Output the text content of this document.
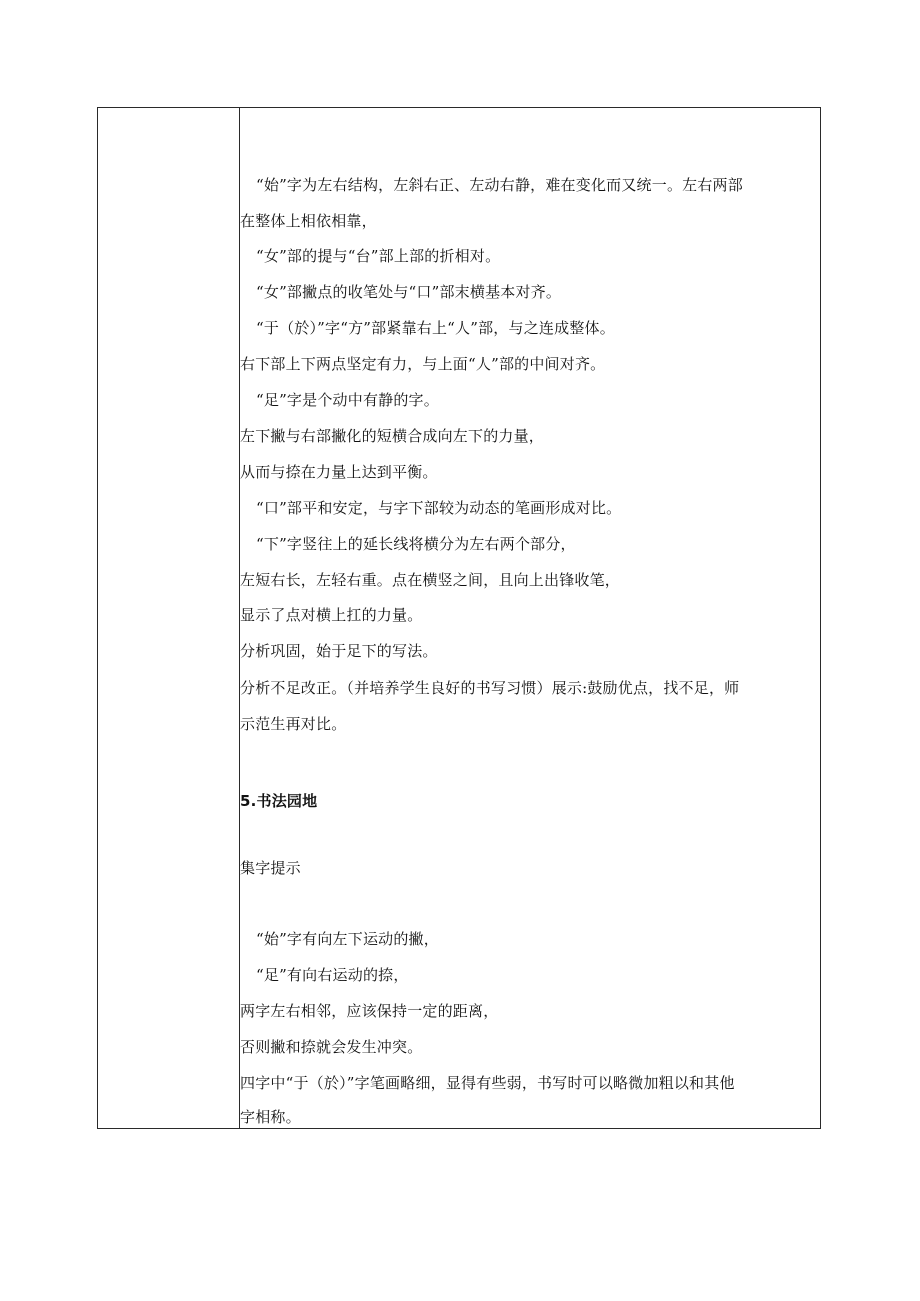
“始”字为左右结构，左斜右正、左动右静，难在变化而又统一。左右两部
在整体上相依相靠，
“女”部的提与“台”部上部的折相对。
“女”部撇点的收笔处与“口”部末横基本对齐。
“于（於）”字“方”部紧靠右上“人”部，与之连成整体。
右下部上下两点坚定有力，与上面“人”部的中间对齐。
“足”字是个动中有静的字。
左下撇与右部撇化的短横合成向左下的力量，
从而与捺在力量上达到平衡。
“口”部平和安定，与字下部较为动态的笔画形成对比。
“下”字竖往上的延长线将横分为左右两个部分，
左短右长，左轻右重。点在横竖之间，且向上出锋收笔，
显示了点对横上扛的力量。
分析巩固，始于足下的写法。
分析不足改正。（并培养学生良好的书写习惯）展示:鼓励优点，找不足，师
示范生再对比。
5.书法园地
集字提示
“始”字有向左下运动的撇，
“足”有向右运动的捺，
两字左右相邻，应该保持一定的距离，
否则撇和捺就会发生冲突。
四字中“于（於）”字笔画略细，显得有些弱，书写时可以略微加粗以和其他
字相称。
